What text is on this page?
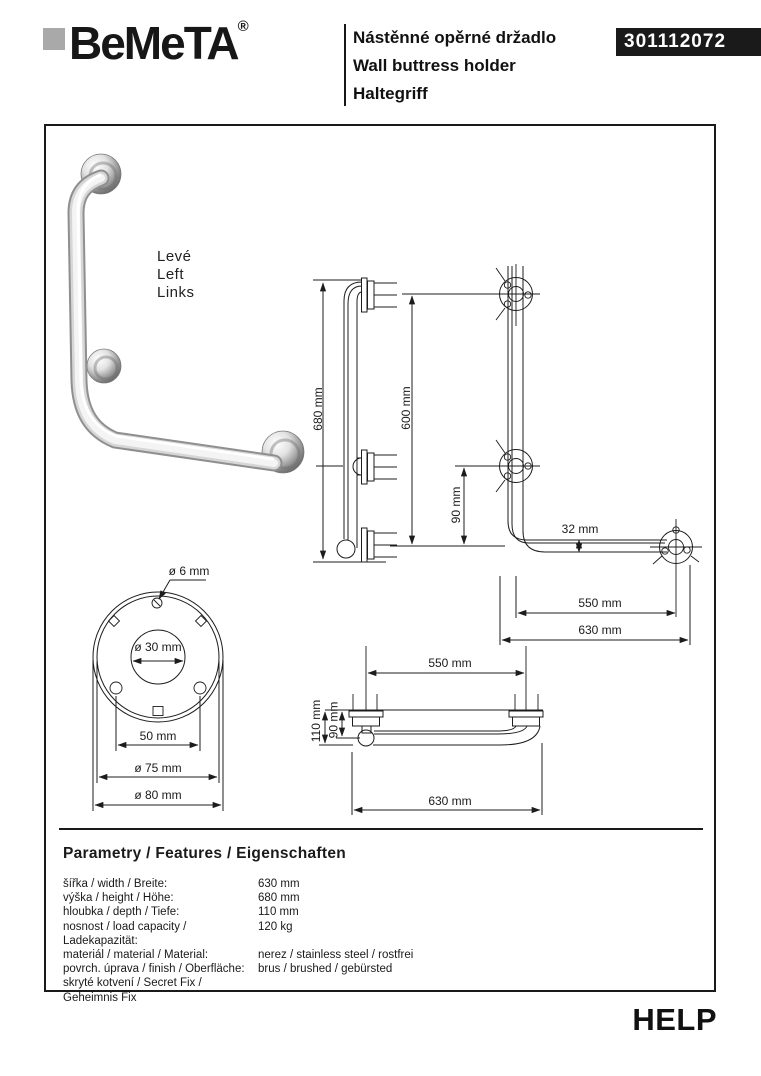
BeMeTA®
Nástěnné opěrné držadlo
Wall buttress holder
Haltegriff
301112072
Levé
Left
Links
680 mm	600 mm
90 mm
32 mm
550 mm
630 mm
ø 6 mm
ø 30 mm
50 mm
ø 75 mm
ø 80 mm
550 mm
110 mm 90 mm
630 mm
Parametry / Features / Eigenschaften
šířka / width / Breite:	630 mm
výška / height / Höhe:	680 mm
hloubka / depth / Tiefe:	110 mm
nosnost / load capacity / Ladekapazität:
120 kg
materiál / material / Material:	nerez / stainless steel / rostfrei
povrch. úprava / finish / Oberfläche:	brus / brushed / gebürsted
skryté kotvení / Secret Fix / Geheimnis Fix
HELP
